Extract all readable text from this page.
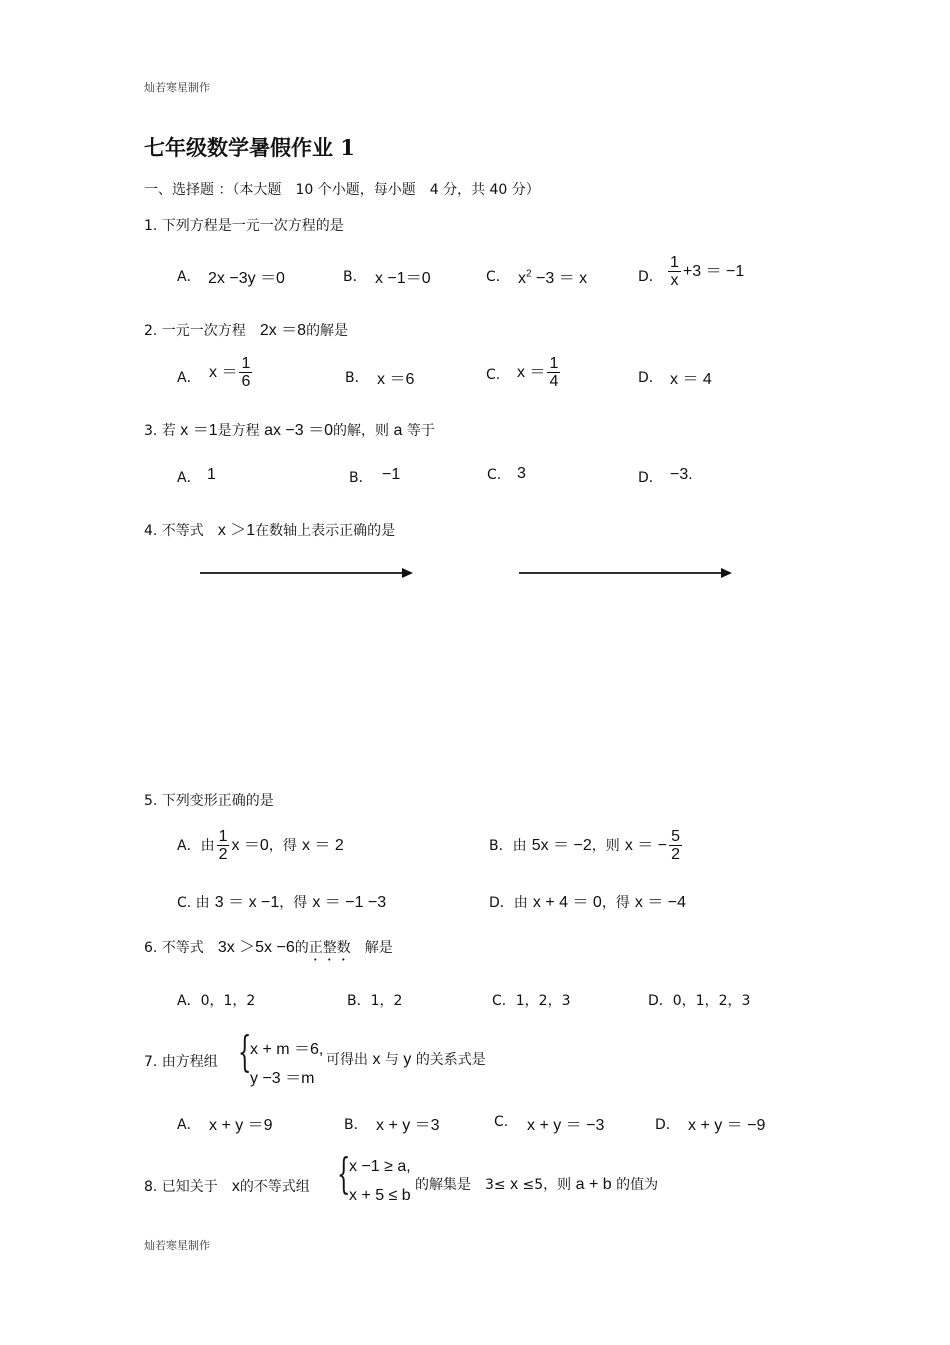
灿若寒星制作
灿若寒星制作
七年级数学暑假作业 1
一、选择题 ：（本大题　10 个小题，每小题　4 分，共 40 分）
1. 下列方程是一元一次方程的是
A． 2x −3y ＝0	B． x −1＝0	C． $x^2 -3 = x$	D． $\frac{1}{x} +3 = -1$
2. 一元一次方程　 2x ＝8的解是
A． $x = \frac{1}{6}$	B． x ＝6	C. $x = \frac{1}{4}$	D． x ＝ 4
3. 若 x ＝1是方程 ax −3 ＝0的解，则 a 等于
A． 1	B． −1	C. 3	D． −3.
4. 不等式　 x ＞1在数轴上表示正确的是
5. 下列变形正确的是
A．由 $\frac{1}{2}$ x ＝0，得 x ＝ 2	B．由 5x ＝ −2，则 x ＝ − $\frac{5}{2}$
C. 由 3 ＝ x −1，得 x ＝ −1 −3	D．由 x + 4 ＝ 0，得 x ＝ −4
6. 不等式　 3x ＞5x −6的正整数　 解是
A．0，1，2	B．1，2	C．1，2，3	D．0，1，2，3
7. 由方程组 {
x + m ＝6,
y −3 ＝m
可得出 x 与 y 的关系式是
A． x + y ＝9	B． x + y ＝3	C. x + y ＝ −3	D． x + y ＝ −9
8. 已知关于　 x的不等式组 {
x −1 ≥ a,
x + 5 ≤ b
的解集是　3≤ x ≤5，则 a + b 的值为
